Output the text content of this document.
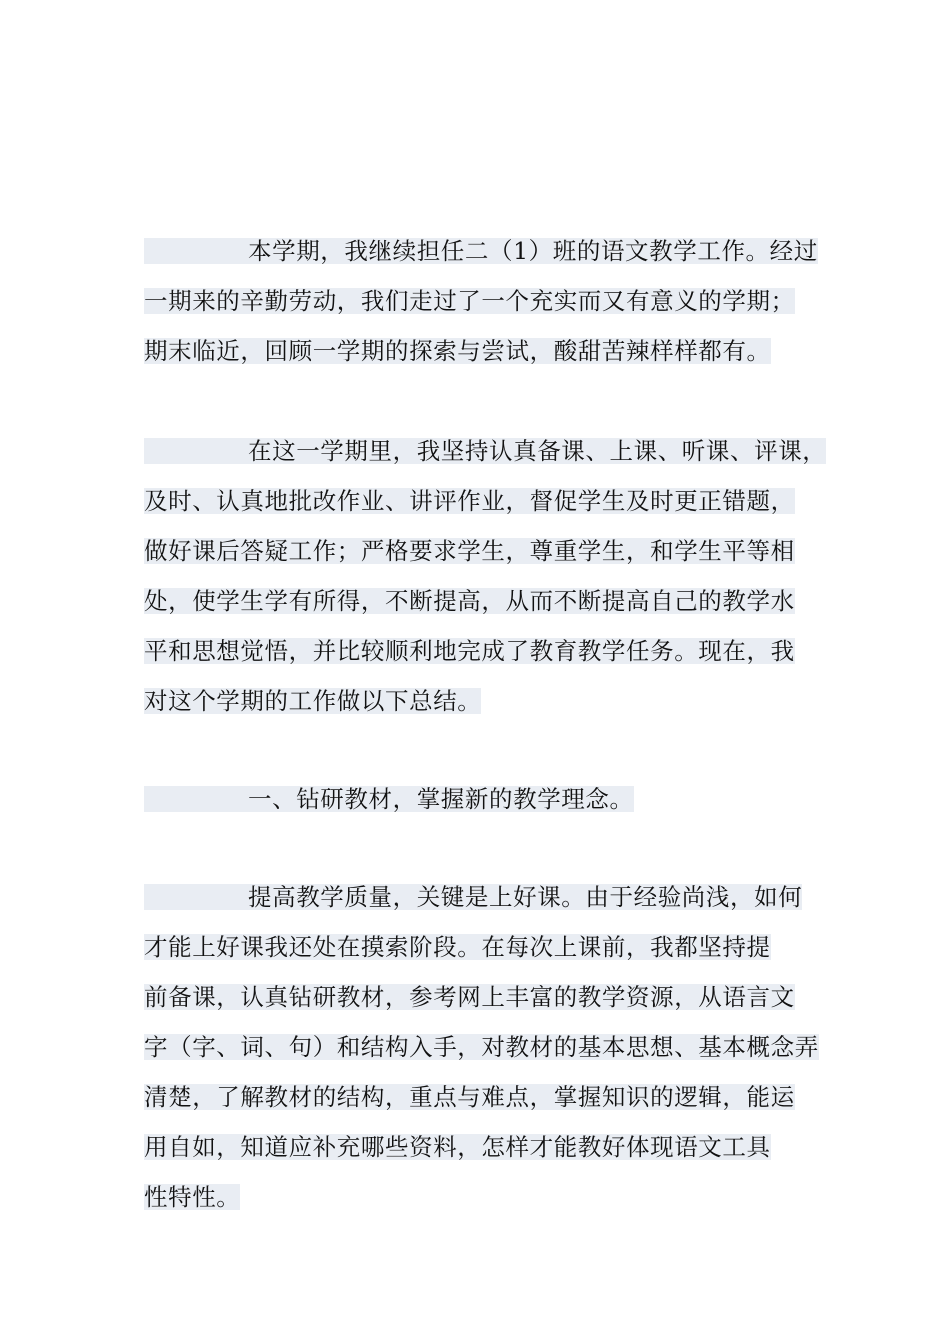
本学期，我继续担任二（1）班的语文教学工作。经过
一期来的辛勤劳动，我们走过了一个充实而又有意义的学期；
期末临近，回顾一学期的探索与尝试，酸甜苦辣样样都有。
在这一学期里，我坚持认真备课、上课、听课、评课，
及时、认真地批改作业、讲评作业，督促学生及时更正错题，
做好课后答疑工作；严格要求学生，尊重学生，和学生平等相
处，使学生学有所得，不断提高，从而不断提高自己的教学水
平和思想觉悟，并比较顺利地完成了教育教学任务。现在，我
对这个学期的工作做以下总结。
一、钻研教材，掌握新的教学理念。
提高教学质量，关键是上好课。由于经验尚浅，如何
才能上好课我还处在摸索阶段。在每次上课前，我都坚持提
前备课，认真钻研教材，参考网上丰富的教学资源，从语言文
字（字、词、句）和结构入手，对教材的基本思想、基本概念弄
清楚，了解教材的结构，重点与难点，掌握知识的逻辑，能运
用自如，知道应补充哪些资料，怎样才能教好体现语文工具
性特性。
